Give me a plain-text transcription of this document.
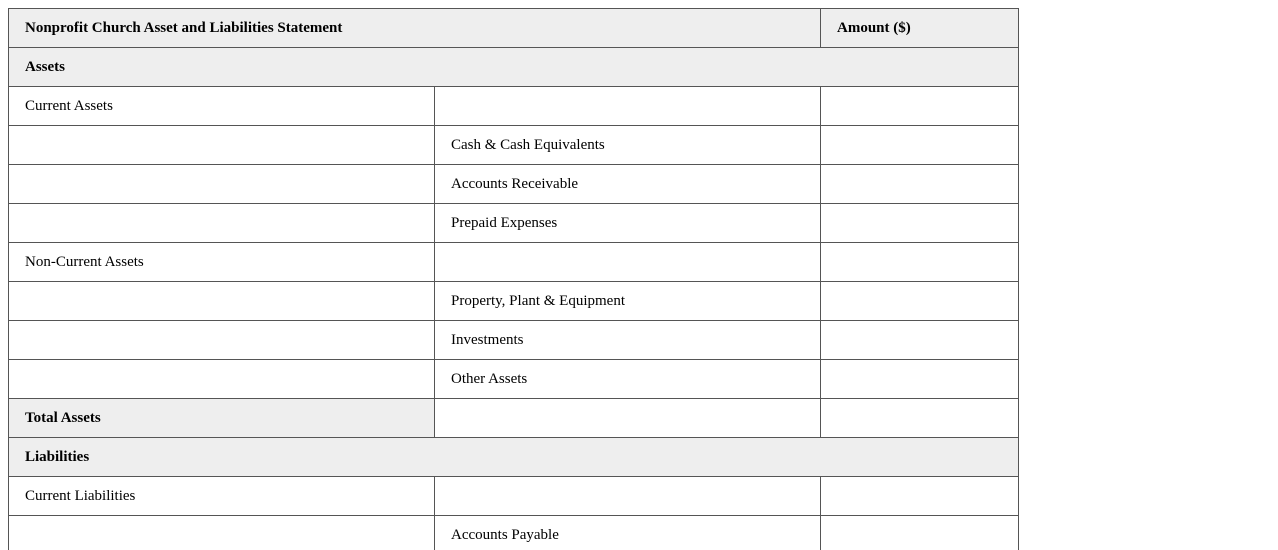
Nonprofit Church Asset and Liabilities Statement		Amount ($)
Assets		
Current Assets		
	Cash & Cash Equivalents	
	Accounts Receivable	
	Prepaid Expenses	
Non-Current Assets		
	Property, Plant & Equipment	
	Investments	
	Other Assets	
Total Assets		
Liabilities		
Current Liabilities		
	Accounts Payable	
